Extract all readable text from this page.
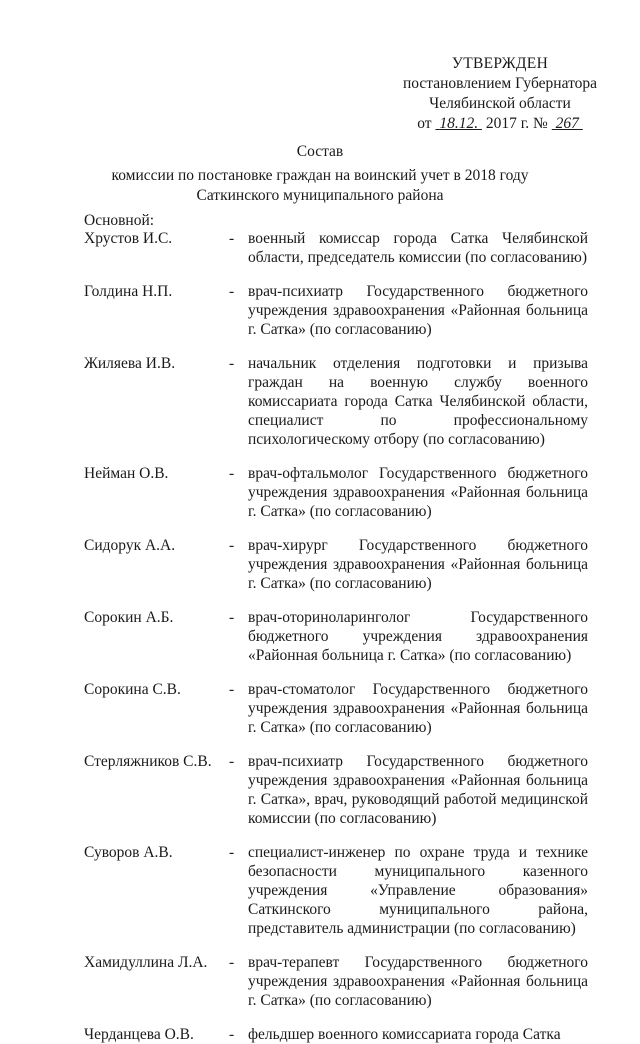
УТВЕРЖДЕН
постановлением Губернатора
Челябинской области
от 18.12. 2017 г. № 267
Состав
комиссии по постановке граждан на воинский учет в 2018 году
Саткинского муниципального района
Основной:
Хрустов И.С.	- военный комиссар города Сатка Челябинской области, председатель комиссии (по согласованию)
Голдина Н.П.	- врач-психиатр Государственного бюджетного учреждения здравоохранения «Районная больница г. Сатка» (по согласованию)
Жиляева И.В.	- начальник отделения подготовки и призыва граждан на военную службу военного комиссариата города Сатка Челябинской области, специалист по профессиональному психологическому отбору (по согласованию)
Нейман О.В.	- врач-офтальмолог Государственного бюджетного учреждения здравоохранения «Районная больница г. Сатка» (по согласованию)
Сидорук А.А.	- врач-хирург Государственного бюджетного учреждения здравоохранения «Районная больница г. Сатка» (по согласованию)
Сорокин А.Б.	- врач-оториноларинголог Государственного бюджетного учреждения здравоохранения «Районная больница г. Сатка» (по согласованию)
Сорокина С.В.	- врач-стоматолог Государственного бюджетного учреждения здравоохранения «Районная больница г. Сатка» (по согласованию)
Стерляжников С.В. - врач-психиатр Государственного бюджетного учреждения здравоохранения «Районная больница г. Сатка», врач, руководящий работой медицинской комиссии (по согласованию)
Суворов А.В.	- специалист-инженер по охране труда и технике безопасности муниципального казенного учреждения «Управление образования» Саткинского муниципального района, представитель администрации (по согласованию)
Хамидуллина Л.А. - врач-терапевт Государственного бюджетного учреждения здравоохранения «Районная больница г. Сатка» (по согласованию)
Черданцева О.В. - фельдшер военного комиссариата города Сатка
